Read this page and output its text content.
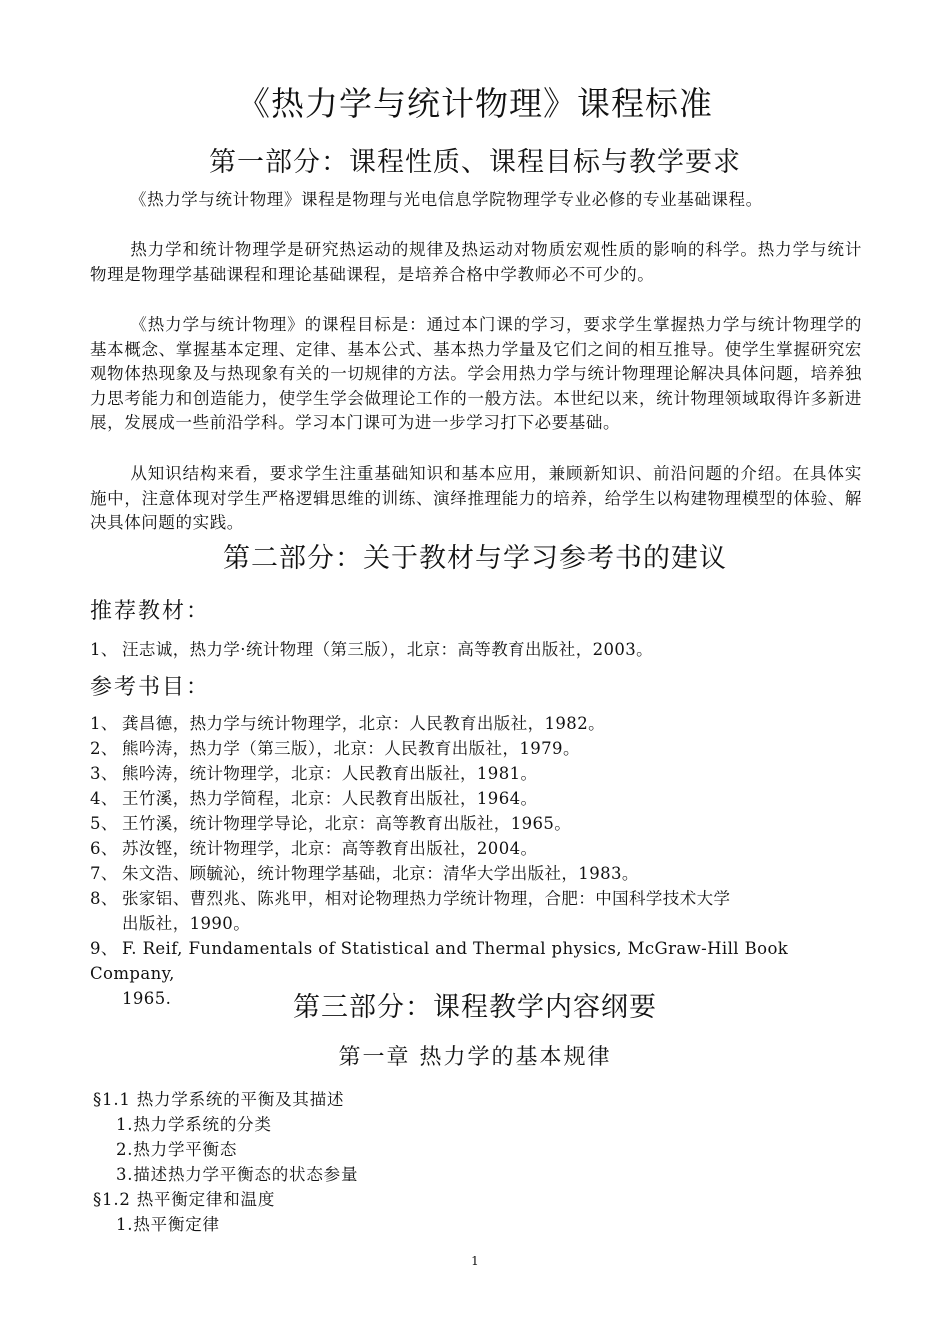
《热力学与统计物理》课程标准
第一部分：课程性质、课程目标与教学要求

《热力学与统计物理》课程是物理与光电信息学院物理学专业必修的专业基础课程。

热力学和统计物理学是研究热运动的规律及热运动对物质宏观性质的影响的科学。热力学与统计物理是物理学基础课程和理论基础课程，是培养合格中学教师必不可少的。

《热力学与统计物理》的课程目标是：通过本门课的学习，要求学生掌握热力学与统计物理学的基本概念、掌握基本定理、定律、基本公式、基本热力学量及它们之间的相互推导。使学生掌握研究宏观物体热现象及与热现象有关的一切规律的方法。学会用热力学与统计物理理论解决具体问题，培养独力思考能力和创造能力，使学生学会做理论工作的一般方法。本世纪以来，统计物理领域取得许多新进展，发展成一些前沿学科。学习本门课可为进一步学习打下必要基础。

从知识结构来看，要求学生注重基础知识和基本应用，兼顾新知识、前沿问题的介绍。在具体实施中，注意体现对学生严格逻辑思维的训练、演绎推理能力的培养，给学生以构建物理模型的体验、解决具体问题的实践。

第二部分：关于教材与学习参考书的建议
推荐教材：
1、 汪志诚，热力学·统计物理（第三版），北京：高等教育出版社，2003。
参考书目：
1、 龚昌德，热力学与统计物理学，北京：人民教育出版社，1982。
2、 熊吟涛，热力学（第三版），北京：人民教育出版社，1979。
3、 熊吟涛，统计物理学，北京：人民教育出版社，1981。
4、 王竹溪，热力学简程，北京：人民教育出版社，1964。
5、 王竹溪，统计物理学导论，北京：高等教育出版社，1965。
6、 苏汝铿，统计物理学，北京：高等教育出版社，2004。
7、 朱文浩、顾毓沁，统计物理学基础，北京：清华大学出版社，1983。
8、 张家铝、曹烈兆、陈兆甲，相对论物理热力学统计物理，合肥：中国科学技术大学
出版社，1990。
9、 F. Reif, Fundamentals of Statistical and Thermal physics, McGraw-Hill Book Company,
1965.	第三部分：课程教学内容纲要
第一章 热力学的基本规律
§1.1 热力学系统的平衡及其描述
1.热力学系统的分类
2.热力学平衡态
3.描述热力学平衡态的状态参量
§1.2 热平衡定律和温度
1.热平衡定律
1
